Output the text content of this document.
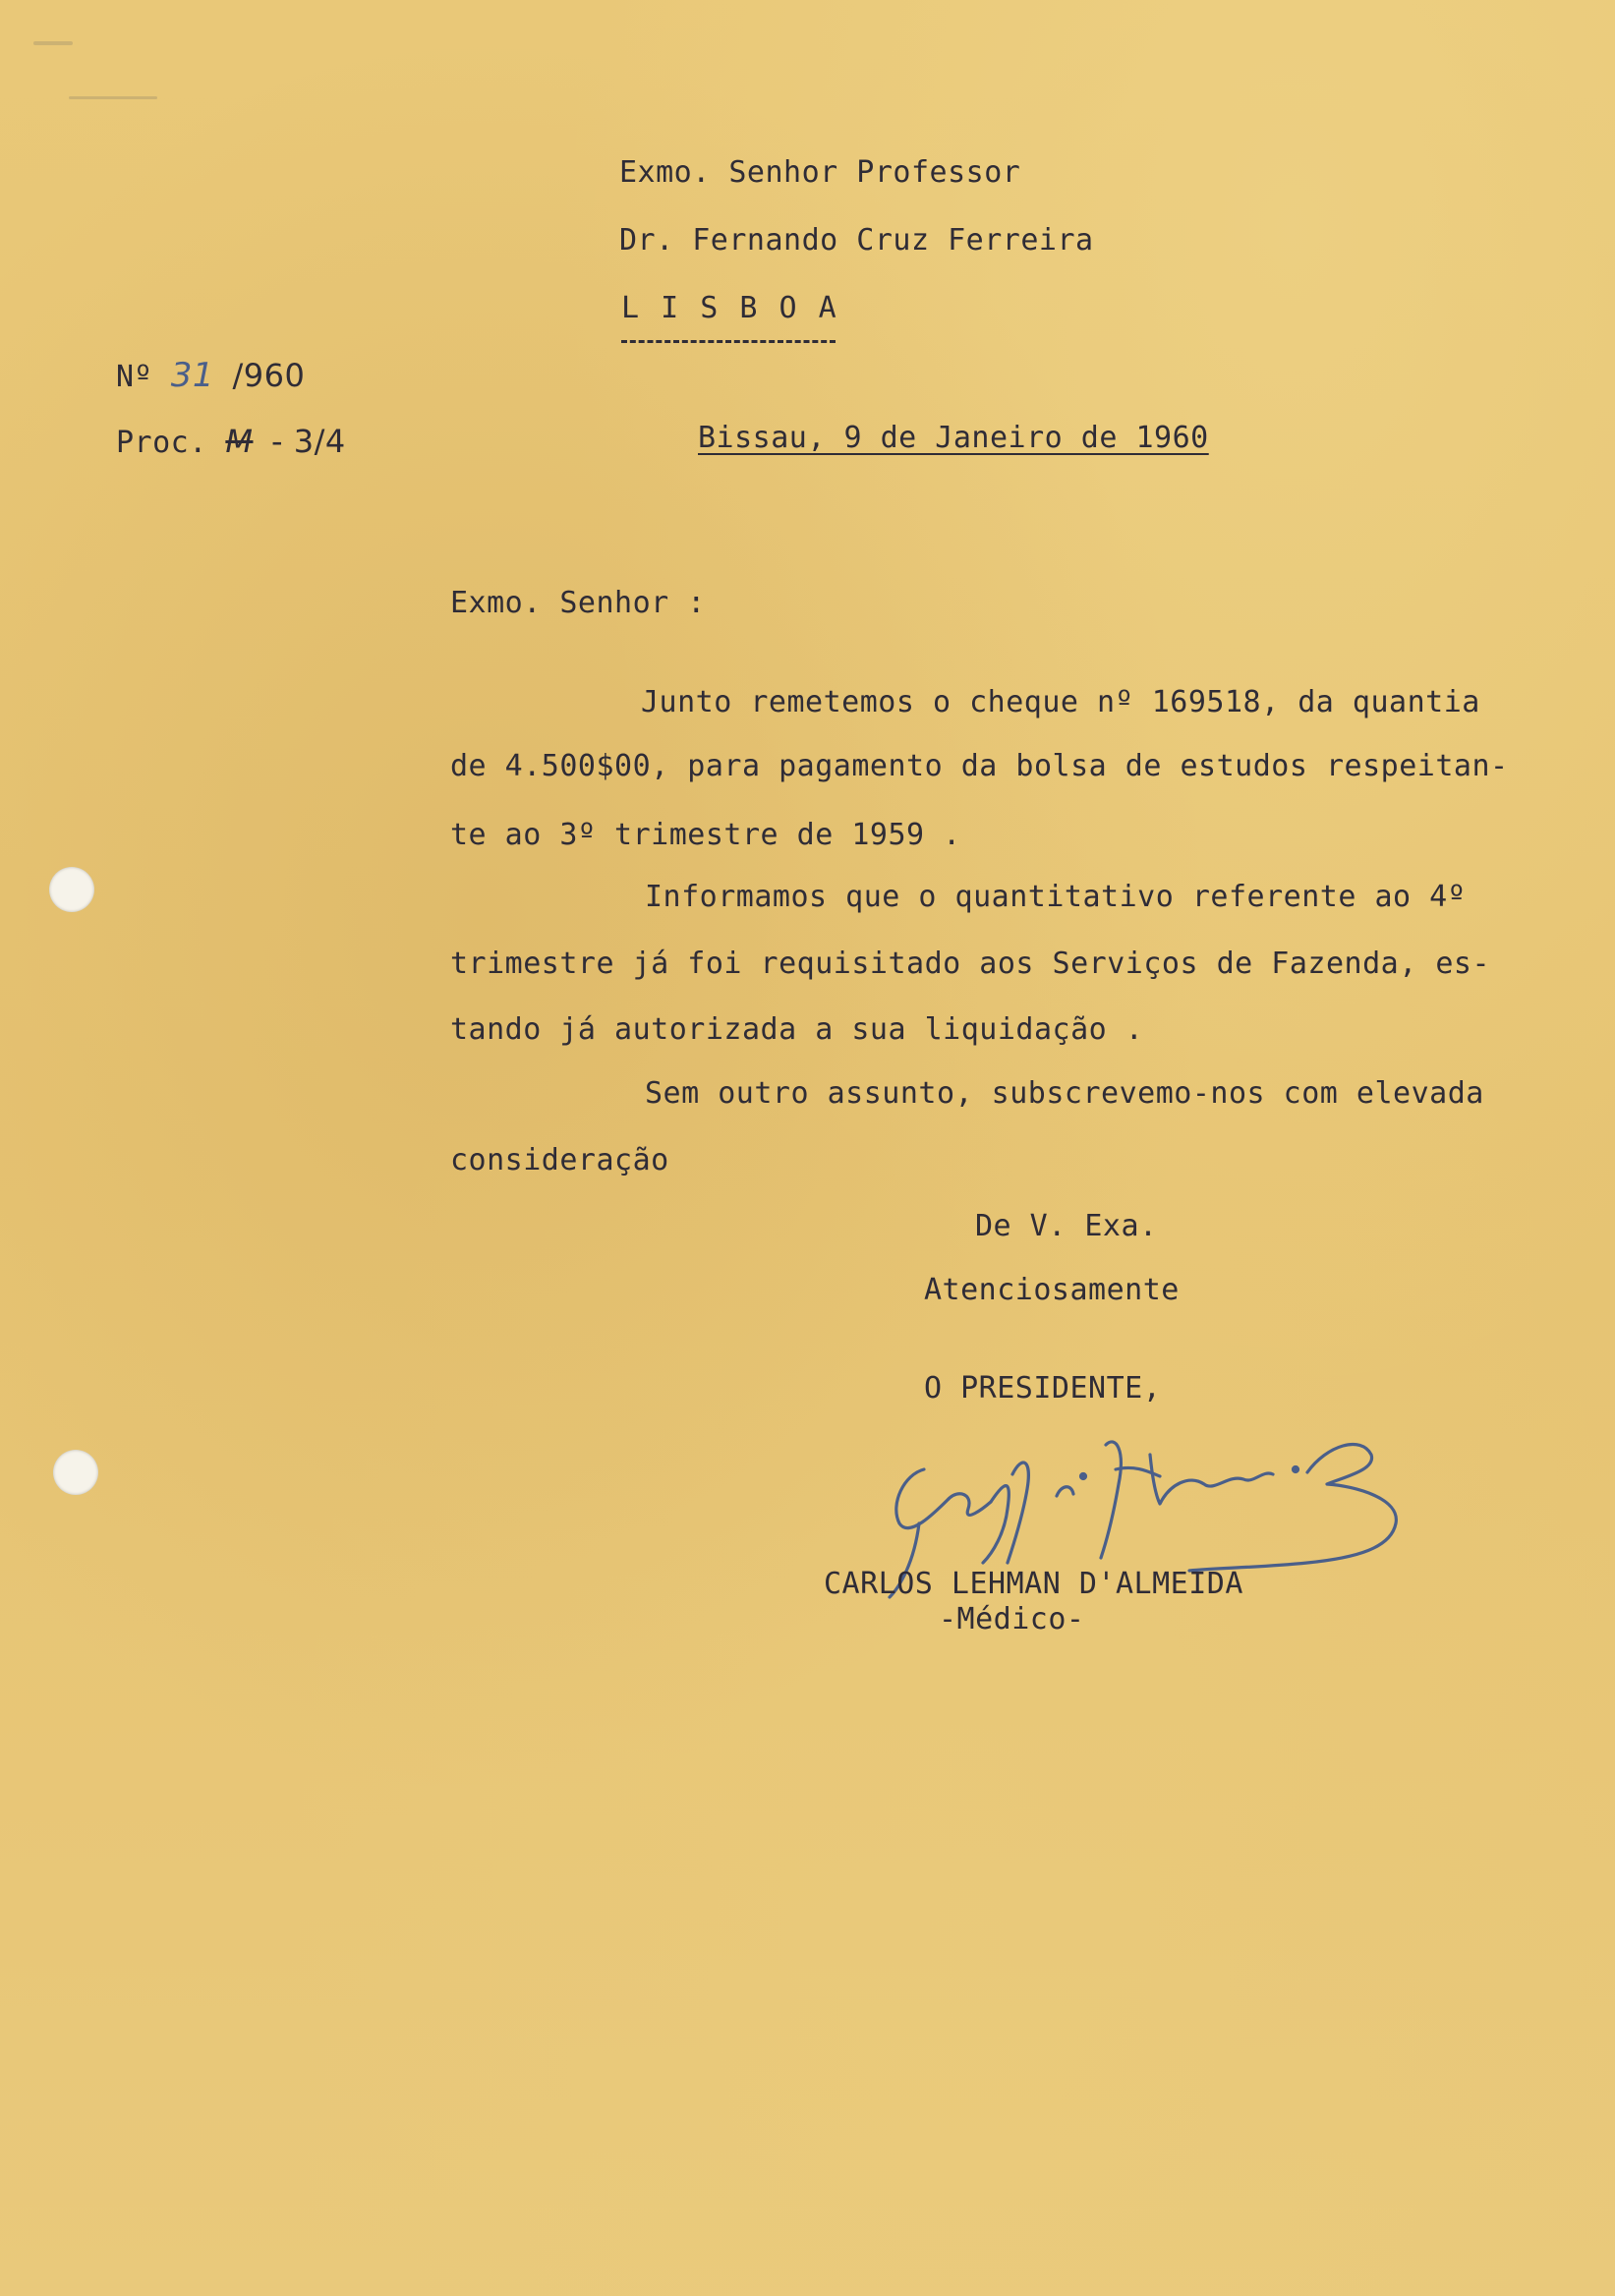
Exmo. Senhor Professor
Dr. Fernando Cruz Ferreira
L I S B O A
Nº 31 /960
Proc. M - 3/4	Bissau, 9 de Janeiro de 1960
Exmo. Senhor :
Junto remetemos o cheque nº 169518, da quantia
de 4.500$00, para pagamento da bolsa de estudos respeitan-
te ao 3º trimestre de 1959 .
Informamos que o quantitativo referente ao 4º
trimestre já foi requisitado aos Serviços de Fazenda, es-
tando já autorizada a sua liquidação .
Sem outro assunto, subscrevemo-nos com elevada
consideração
De V. Exa.
Atenciosamente
O PRESIDENTE,
CARLOS LEHMAN D'ALMEIDA
-Médico-
